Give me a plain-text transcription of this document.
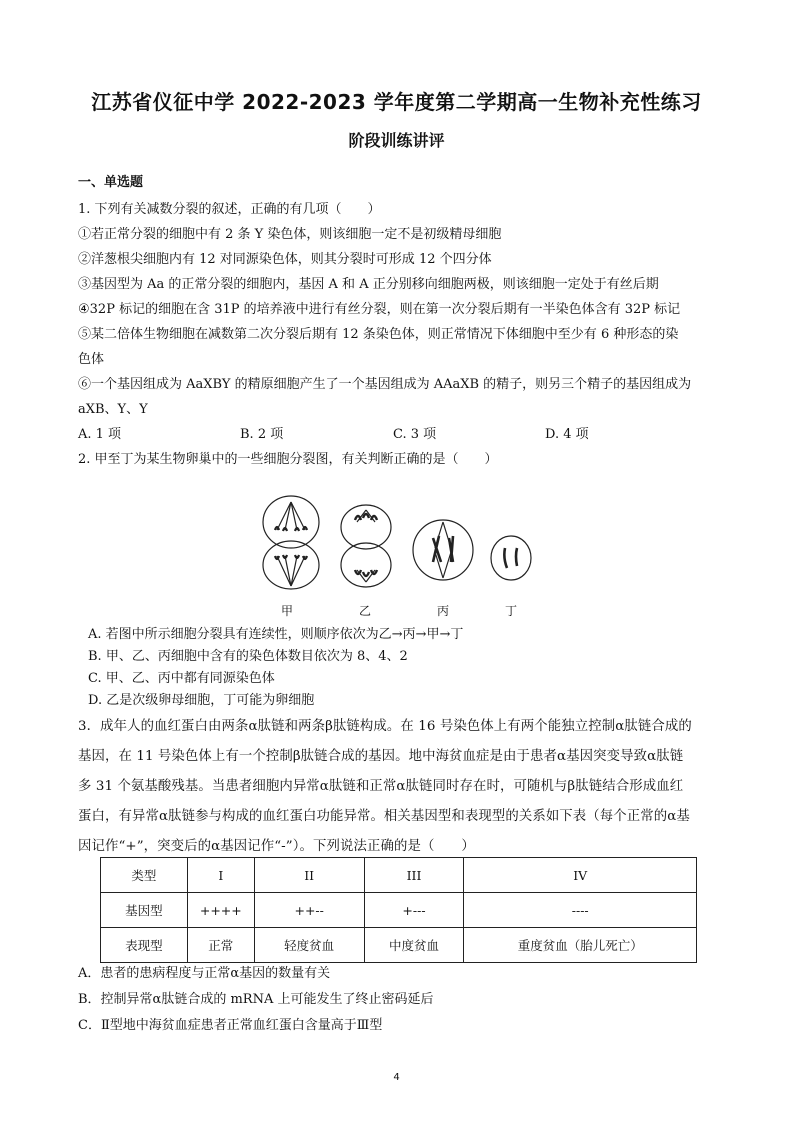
江苏省仪征中学 2022-2023 学年度第二学期高一生物补充性练习
阶段训练讲评
一、单选题
1. 下列有关减数分裂的叙述，正确的有几项（　　）
①若正常分裂的细胞中有 2 条 Y 染色体，则该细胞一定不是初级精母细胞
②洋葱根尖细胞内有 12 对同源染色体，则其分裂时可形成 12 个四分体
③基因型为 Aa 的正常分裂的细胞内，基因 A 和 A 正分别移向细胞两极，则该细胞一定处于有丝后期
④32P 标记的细胞在含 31P 的培养液中进行有丝分裂，则在第一次分裂后期有一半染色体含有 32P 标记
⑤某二倍体生物细胞在减数第二次分裂后期有 12 条染色体，则正常情况下体细胞中至少有 6 种形态的染
色体
⑥一个基因组成为 AaXBY 的精原细胞产生了一个基因组成为 AAaXB 的精子，则另三个精子的基因组成为
aXB、Y、Y
A. 1 项	B. 2 项	C. 3 项	D. 4 项
2. 甲至丁为某生物卵巢中的一些细胞分裂图，有关判断正确的是（　　）
甲	乙	丙	丁
A. 若图中所示细胞分裂具有连续性，则顺序依次为乙→丙→甲→丁
B. 甲、乙、丙细胞中含有的染色体数目依次为 8、4、2
C. 甲、乙、丙中都有同源染色体
D. 乙是次级卵母细胞，丁可能为卵细胞
3．成年人的血红蛋白由两条α肽链和两条β肽链构成。在 16 号染色体上有两个能独立控制α肽链合成的
基因，在 11 号染色体上有一个控制β肽链合成的基因。地中海贫血症是由于患者α基因突变导致α肽链
多 31 个氨基酸残基。当患者细胞内异常α肽链和正常α肽链同时存在时，可随机与β肽链结合形成血红
蛋白，有异常α肽链参与构成的血红蛋白功能异常。相关基因型和表现型的关系如下表（每个正常的α基
因记作“+”，突变后的α基因记作“-”）。下列说法正确的是（　　）
类型	I	II	III	IV
基因型	++++	++--	+---	----
表现型	正常	轻度贫血	中度贫血	重度贫血（胎儿死亡）
A．患者的患病程度与正常α基因的数量有关
B．控制异常α肽链合成的 mRNA 上可能发生了终止密码延后
C．Ⅱ型地中海贫血症患者正常血红蛋白含量高于Ⅲ型
4
